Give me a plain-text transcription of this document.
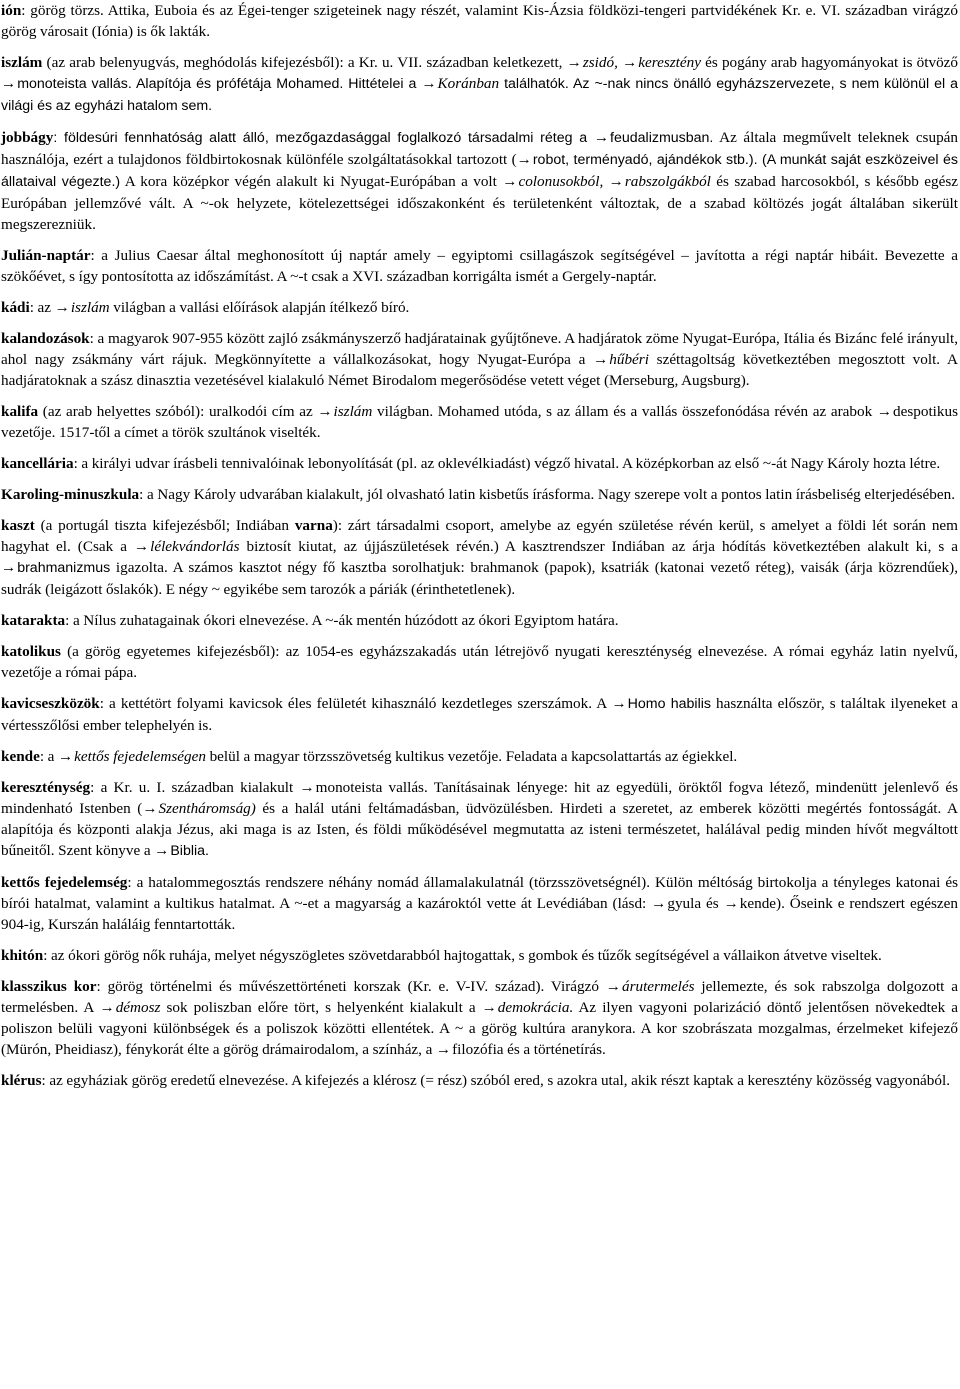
ión: görög törzs. Attika, Euboia és az Égei-tenger szigeteinek nagy részét, valamint Kis-Ázsia földközi-tengeri partvidékének Kr. e. VI. században virágzó görög városait (Iónia) is ők lakták.

iszlám (az arab belenyugvás, meghódolás kifejezésből): a Kr. u. VII. században keletkezett, →zsidó, →keresztény és pogány arab hagyományokat is ötvöző →monoteista vallás. Alapítója és prófétája Mohamed. Hittételei a →Koránban találhatók. Az ~-nak nincs önálló egyházszervezete, s nem különül el a világi és az egyházi hatalom sem.

jobbágy: földesúri fennhatóság alatt álló, mezőgazdasággal foglalkozó társadalmi réteg a →feudalizmusban. Az általa megművelt teleknek csupán használója, ezért a tulajdonos földbirtokosnak különféle szolgáltatásokkal tartozott (→robot, terményadó, ajándékok stb.). (A munkát saját eszközeivel és állataival végezte.) A kora középkor végén alakult ki Nyugat-Európában a volt →colonusokból, →rabszolgákból és szabad harcosokból, s később egész Európában jellemzővé vált. A ~-ok helyzete, kötelezettségei időszakonként és területenként változtak, de a szabad költözés jogát általában sikerült megszerezniük.

Julián-naptár: a Julius Caesar által meghonosított új naptár amely – egyiptomi csillagászok segítségével – javította a régi naptár hibáit. Bevezette a szökőévet, s így pontosította az időszámítást. A ~-t csak a XVI. században korrigálta ismét a Gergely-naptár.

kádi: az →iszlám világban a vallási előírások alapján ítélkező bíró.

kalandozások: a magyarok 907-955 között zajló zsákmányszerző hadjáratainak gyűjtőneve. A hadjáratok zöme Nyugat-Európa, Itália és Bizánc felé irányult, ahol nagy zsákmány várt rájuk. Megkönnyítette a vállalkozásokat, hogy Nyugat-Európa a →hűbéri széttagoltság következtében megosztott volt. A hadjáratoknak a szász dinasztia vezetésével kialakuló Német Birodalom megerősödése vetett véget (Merseburg, Augsburg).

kalifa (az arab helyettes szóból): uralkodói cím az →iszlám világban. Mohamed utóda, s az állam és a vallás összefonódása révén az arabok →despotikus vezetője. 1517-től a címet a török szultánok viselték.

kancellária: a királyi udvar írásbeli tennivalóinak lebonyolítását (pl. az oklevélkiadást) végző hivatal. A középkorban az első ~-át Nagy Károly hozta létre.

Karoling-minuszkula: a Nagy Károly udvarában kialakult, jól olvasható latin kisbetűs írásforma. Nagy szerepe volt a pontos latin írásbeliség elterjedésében.

kaszt (a portugál tiszta kifejezésből; Indiában varna): zárt társadalmi csoport, amelybe az egyén születése révén kerül, s amelyet a földi lét során nem hagyhat el. (Csak a →lélekvándorlás biztosít kiutat, az újjászületések révén.) A kasztrendszer Indiában az árja hódítás következtében alakult ki, s a →brahmanizmus igazolta. A számos kasztot négy fő kasztba sorolhatjuk: brahmanok (papok), ksatriák (katonai vezető réteg), vaisák (árja közrendűek), sudrák (leigázott őslakók). E négy ~ egyikébe sem tarozók a páriák (érinthetetlenek).

katarakta: a Nílus zuhatagainak ókori elnevezése. A ~-ák mentén húzódott az ókori Egyiptom határa.

katolikus (a görög egyetemes kifejezésből): az 1054-es egyházszakadás után létrejövő nyugati kereszténység elnevezése. A római egyház latin nyelvű, vezetője a római pápa.

kavicseszközök: a kettétört folyami kavicsok éles felületét kihasználó kezdetleges szerszámok. A →Homo habilis használta először, s találtak ilyeneket a vértesszőlősi ember telephelyén is.

kende: a →kettős fejedelemségen belül a magyar törzsszövetség kultikus vezetője. Feladata a kapcsolattartás az égiekkel.

kereszténység: a Kr. u. I. században kialakult →monoteista vallás. Tanításainak lényege: hit az egyedüli, öröktől fogva létező, mindenütt jelenlevő és mindenható Istenben (→Szentháromság) és a halál utáni feltámadásban, üdvözülésben. Hirdeti a szeretet, az emberek közötti megértés fontosságát. A alapítója és központi alakja Jézus, aki maga is az Isten, és földi működésével megmutatta az isteni természetet, halálával pedig minden hívőt megváltott bűneitől. Szent könyve a →Biblia.

kettős fejedelemség: a hatalommegosztás rendszere néhány nomád államalakulatnál (törzsszövetségnél). Külön méltóság birtokolja a tényleges katonai és bírói hatalmat, valamint a kultikus hatalmat. A ~-et a magyarság a kazároktól vette át Levédiában (lásd: →gyula és →kende). Őseink e rendszert egészen 904-ig, Kurszán haláláig fenntartották.

khitón: az ókori görög nők ruhája, melyet négyszögletes szövetdarabból hajtogattak, s gombok és tűzők segítségével a vállaikon átvetve viseltek.

klasszikus kor: görög történelmi és művészettörténeti korszak (Kr. e. V-IV. század). Virágzó →árutermelés jellemezte, és sok rabszolga dolgozott a termelésben. A →démosz sok poliszban előre tört, s helyenként kialakult a →demokrácia. Az ilyen vagyoni polarizáció döntő jelentősen növekedtek a poliszon belüli vagyoni különbségek és a poliszok közötti ellentétek. A ~ a görög kultúra aranykora. A kor szobrászata mozgalmas, érzelmeket kifejező (Mürón, Pheidiasz), fénykorát élte a görög drámairodalom, a színház, a →filozófia és a történetírás.

klérus: az egyháziak görög eredetű elnevezése. A kifejezés a klérosz (= rész) szóból ered, s azokra utal, akik részt kaptak a keresztény közösség vagyonából.
